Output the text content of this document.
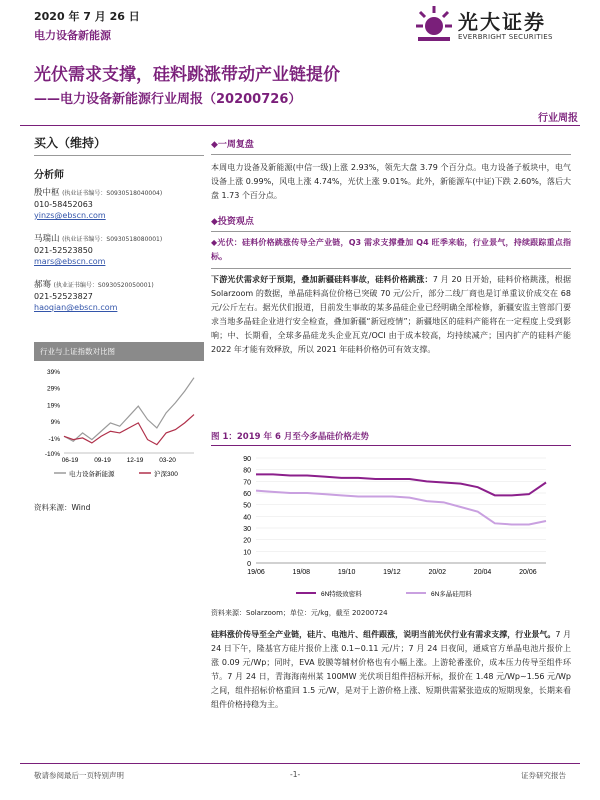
2020 年 7 月 26 日
电力设备新能源
光大证券
EVERBRIGHT SECURITIES
光伏需求支撑，硅料跳涨带动产业链提价
——电力设备新能源行业周报（20200726）
行业周报
买入（维持）
分析师
殷中枢 (执业证书编号：S0930518040004)
010-58452063
yinzs@ebscn.com
马瑞山 (执业证书编号：S0930518080001)
021-52523850
mars@ebscn.com
郝骞 (执业证书编号：S0930520050001)
021-52523827
haoqian@ebscn.com
行业与上证指数对比图
39%
29%
19%
9%
-1%
-10%
06-19 09-19 12-19 03-20
电力设备新能源	沪深300
资料来源：Wind
◆一周复盘
本周电力设备及新能源(中信一级)上涨 2.93%，领先大盘 3.79 个百分点。电力设备子板块中，电气设备上涨 0.99%，风电上涨 4.74%，光伏上涨 9.01%。此外，新能源车(中证)下跌 2.60%，落后大盘 1.73 个百分点。
◆投资观点
◆光伏：硅料价格跳涨传导全产业链，Q3 需求支撑叠加 Q4 旺季来临，行业景气，持续跟踪重点指标。
下游光伏需求好于预期，叠加新疆硅料事故，硅料价格跳涨：7 月 20 日开始，硅料价格跳涨，根据 Solarzoom 的数据，单晶硅料高位价格已突破 70 元/公斤，部分二线厂商也是订单重议价成交在 68 元/公斤左右。据光伏们报道，目前发生事故的某多晶硅企业已经明确全部检修，新疆安监主管部门要求当地多晶硅企业进行安全检查，叠加新疆“新冠疫情”；新疆地区的硅料产能将在一定程度上受到影响；中、长期看，全球多晶硅龙头企业瓦克/OCI 由于成本较高，均持续减产；国内扩产的硅料产能 2022 年才能有效释放，所以 2021 年硅料价格仍可有效支撑。
图 1：2019 年 6 月至今多晶硅价格走势
0
10
20
30
40
50
60
70
80
90
19/06	19/08	19/10	19/12	20/02	20/04	20/06
6N特级致密料	6N多晶硅用料
资料来源：Solarzoom；单位：元/kg，截至 20200724
硅料涨价传导至全产业链，硅片、电池片、组件跟涨，说明当前光伏行业有需求支撑，行业景气。7 月 24 日下午，隆基官方硅片报价上涨 0.1~0.11 元/片；7 月 24 日夜间，通威官方单晶电池片报价上涨 0.09 元/Wp；同时，EVA 胶膜等辅材价格也有小幅上涨。上游轮番涨价，成本压力传导至组件环节。7 月 24 日，青海海南州某 100MW 光伏项目组件招标开标，报价在 1.48 元/Wp~1.56 元/Wp 之间，组件招标价格重回 1.5 元/W，是对于上游价格上涨、短期供需紧张造成的短期现象，长期来看组件价格持稳为主。
敬请参阅最后一页特别声明	-1-	证券研究报告
